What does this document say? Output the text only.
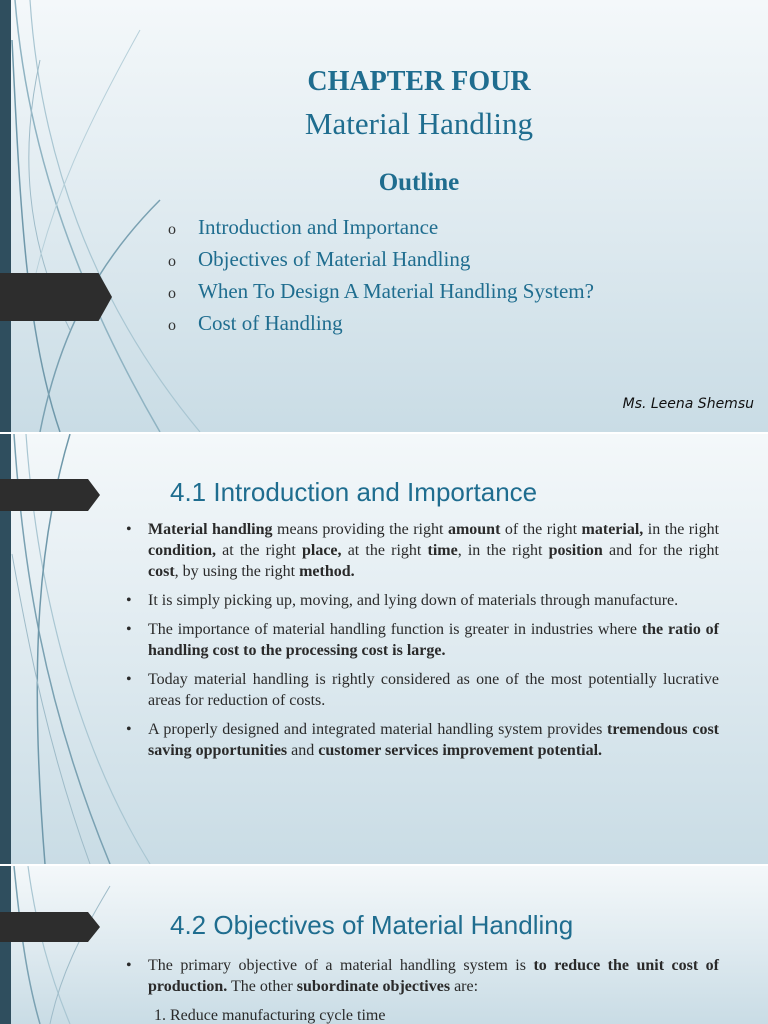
CHAPTER FOUR
Material Handling
Outline
o Introduction and Importance
o Objectives of Material Handling
o When To Design A Material Handling System?
o Cost of Handling
Ms. Leena Shemsu
4.1 Introduction and Importance
• Material handling means providing the right amount of the right material, in the right condition, at the right place, at the right time, in the right position and for the right cost, by using the right method.
• It is simply picking up, moving, and lying down of materials through manufacture.
• The importance of material handling function is greater in industries where the ratio of handling cost to the processing cost is large.
• Today material handling is rightly considered as one of the most potentially lucrative areas for reduction of costs.
• A properly designed and integrated material handling system provides tremendous cost saving opportunities and customer services improvement potential.
4.2 Objectives of Material Handling
• The primary objective of a material handling system is to reduce the unit cost of production. The other subordinate objectives are:
1. Reduce manufacturing cycle time
